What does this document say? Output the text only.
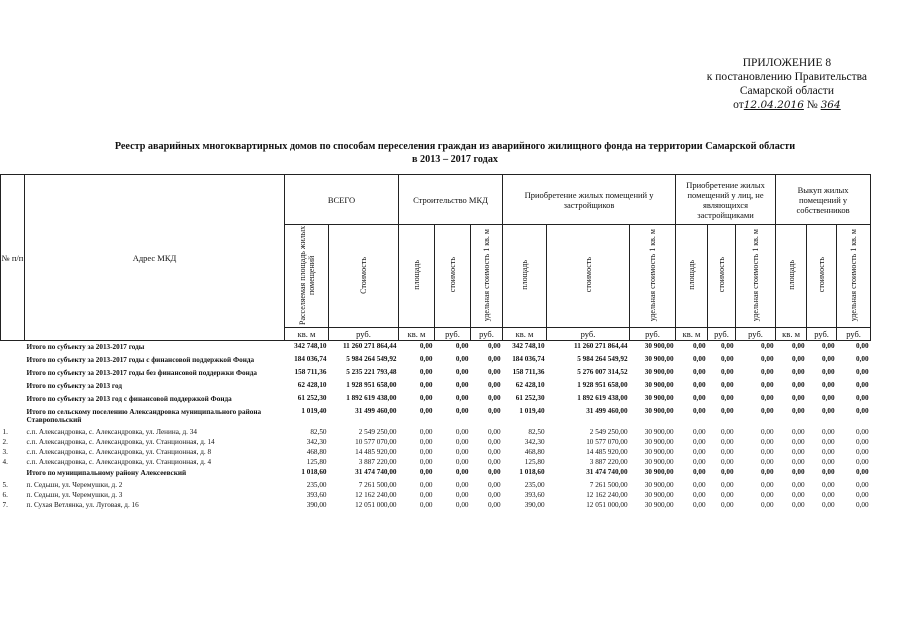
ПРИЛОЖЕНИЕ 8
к постановлению Правительства
Самарской области
от12.04.2016 № 364
Реестр аварийных многоквартирных домов по способам переселения граждан из аварийного жилищного фонда на территории Самарской области
в 2013 – 2017 годах
№ п/п	Адрес МКД	ВСЕГО		Строительство МКД			Приобретение жилых помещений у застройщиков			Приобретение жилых помещений у лиц, не являющихся застройщиками			Выкуп жилых помещений у собственников		
		Расселяемая площадь жилых помещений	Стоимость	площадь	стоимость	удельная стоимость 1 кв. м	площадь	стоимость	удельная стоимость 1 кв. м	площадь	стоимость	удельная стоимость 1 кв. м	площадь	стоимость	удельная стоимость 1 кв. м
		кв. м	руб.	кв. м	руб.	руб.	кв. м	руб.	руб.	кв. м	руб.	руб.	кв. м	руб.	руб.
	Итого по субъекту за 2013-2017 годы	342 748,10	11 260 271 864,44	0,00	0,00	0,00	342 748,10	11 260 271 864,44	30 900,00	0,00	0,00	0,00	0,00	0,00	0,00
	Итого по субъекту за 2013-2017 годы с финансовой поддержкой Фонда	184 036,74	5 984 264 549,92	0,00	0,00	0,00	184 036,74	5 984 264 549,92	30 900,00	0,00	0,00	0,00	0,00	0,00	0,00
	Итого по субъекту за 2013-2017 годы без финансовой поддержки Фонда	158 711,36	5 235 221 793,48	0,00	0,00	0,00	158 711,36	5 276 007 314,52	30 900,00	0,00	0,00	0,00	0,00	0,00	0,00
	Итого по субъекту за 2013 год	62 428,10	1 928 951 658,00	0,00	0,00	0,00	62 428,10	1 928 951 658,00	30 900,00	0,00	0,00	0,00	0,00	0,00	0,00
	Итого по субъекту за 2013 год с финансовой поддержкой Фонда	61 252,30	1 892 619 438,00	0,00	0,00	0,00	61 252,30	1 892 619 438,00	30 900,00	0,00	0,00	0,00	0,00	0,00	0,00
	Итого по сельскому поселению Александровка муниципального района Ставропольский	1 019,40	31 499 460,00	0,00	0,00	0,00	1 019,40	31 499 460,00	30 900,00	0,00	0,00	0,00	0,00	0,00	0,00
1.	с.п. Александровка, с. Александровка, ул. Ленина, д. 34	82,50	2 549 250,00	0,00	0,00	0,00	82,50	2 549 250,00	30 900,00	0,00	0,00	0,00	0,00	0,00	0,00
2.	с.п. Александровка, с. Александровка, ул. Станционная, д. 14	342,30	10 577 070,00	0,00	0,00	0,00	342,30	10 577 070,00	30 900,00	0,00	0,00	0,00	0,00	0,00	0,00
3.	с.п. Александровка, с. Александровка, ул. Станционная, д. 8	468,80	14 485 920,00	0,00	0,00	0,00	468,80	14 485 920,00	30 900,00	0,00	0,00	0,00	0,00	0,00	0,00
4.	с.п. Александровка, с. Александровка, ул. Станционная, д. 4	125,80	3 887 220,00	0,00	0,00	0,00	125,80	3 887 220,00	30 900,00	0,00	0,00	0,00	0,00	0,00	0,00
	Итого по муниципальному району Алексеевский	1 018,60	31 474 740,00	0,00	0,00	0,00	1 018,60	31 474 740,00	30 900,00	0,00	0,00	0,00	0,00	0,00	0,00
5.	п. Седьшн, ул. Черемушки, д. 2	235,00	7 261 500,00	0,00	0,00	0,00	235,00	7 261 500,00	30 900,00	0,00	0,00	0,00	0,00	0,00	0,00
6.	п. Седьшн, ул. Черемушки, д. 3	393,60	12 162 240,00	0,00	0,00	0,00	393,60	12 162 240,00	30 900,00	0,00	0,00	0,00	0,00	0,00	0,00
7.	п. Сухая Ветлянка, ул. Луговая, д. 16	390,00	12 051 000,00	0,00	0,00	0,00	390,00	12 051 000,00	30 900,00	0,00	0,00	0,00	0,00	0,00	0,00
